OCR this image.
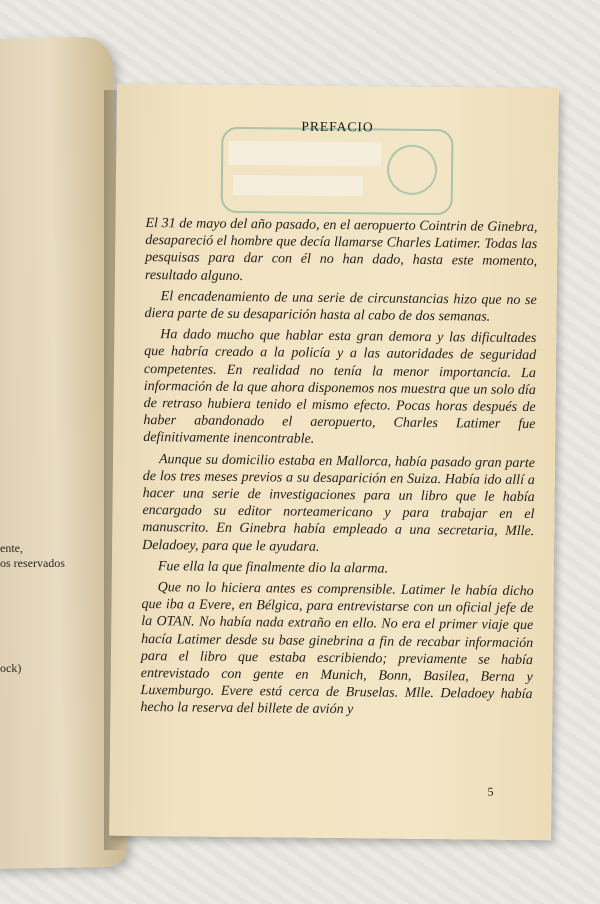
ente,
os reservados
ock)
PREFACIO

El 31 de mayo del año pasado, en el aeropuerto Cointrin de Ginebra, desapareció el hombre que decía llamarse Charles Latimer. Todas las pesquisas para dar con él no han dado, hasta este momento, resultado alguno.

El encadenamiento de una serie de circunstancias hizo que no se diera parte de su desaparición hasta al cabo de dos semanas.

Ha dado mucho que hablar esta gran demora y las dificultades que habría creado a la policía y a las autoridades de seguridad competentes. En realidad no tenía la menor importancia. La información de la que ahora disponemos nos muestra que un solo día de retraso hubiera tenido el mismo efecto. Pocas horas después de haber abandonado el aeropuerto, Charles Latimer fue definitivamente inencontrable.

Aunque su domicilio estaba en Mallorca, había pasado gran parte de los tres meses previos a su desaparición en Suiza. Había ido allí a hacer una serie de investigaciones para un libro que le había encargado su editor norteamericano y para trabajar en el manuscrito. En Ginebra había empleado a una secretaria, Mlle. Deladoey, para que le ayudara.

Fue ella la que finalmente dio la alarma.

Que no lo hiciera antes es comprensible. Latimer le había dicho que iba a Evere, en Bélgica, para entrevistarse con un oficial jefe de la OTAN. No había nada extraño en ello. No era el primer viaje que hacía Latimer desde su base ginebrina a fin de recabar información para el libro que estaba escribiendo; previamente se había entrevistado con gente en Munich, Bonn, Basilea, Berna y Luxemburgo. Evere está cerca de Bruselas. Mlle. Deladoey había hecho la reserva del billete de avión y

5
